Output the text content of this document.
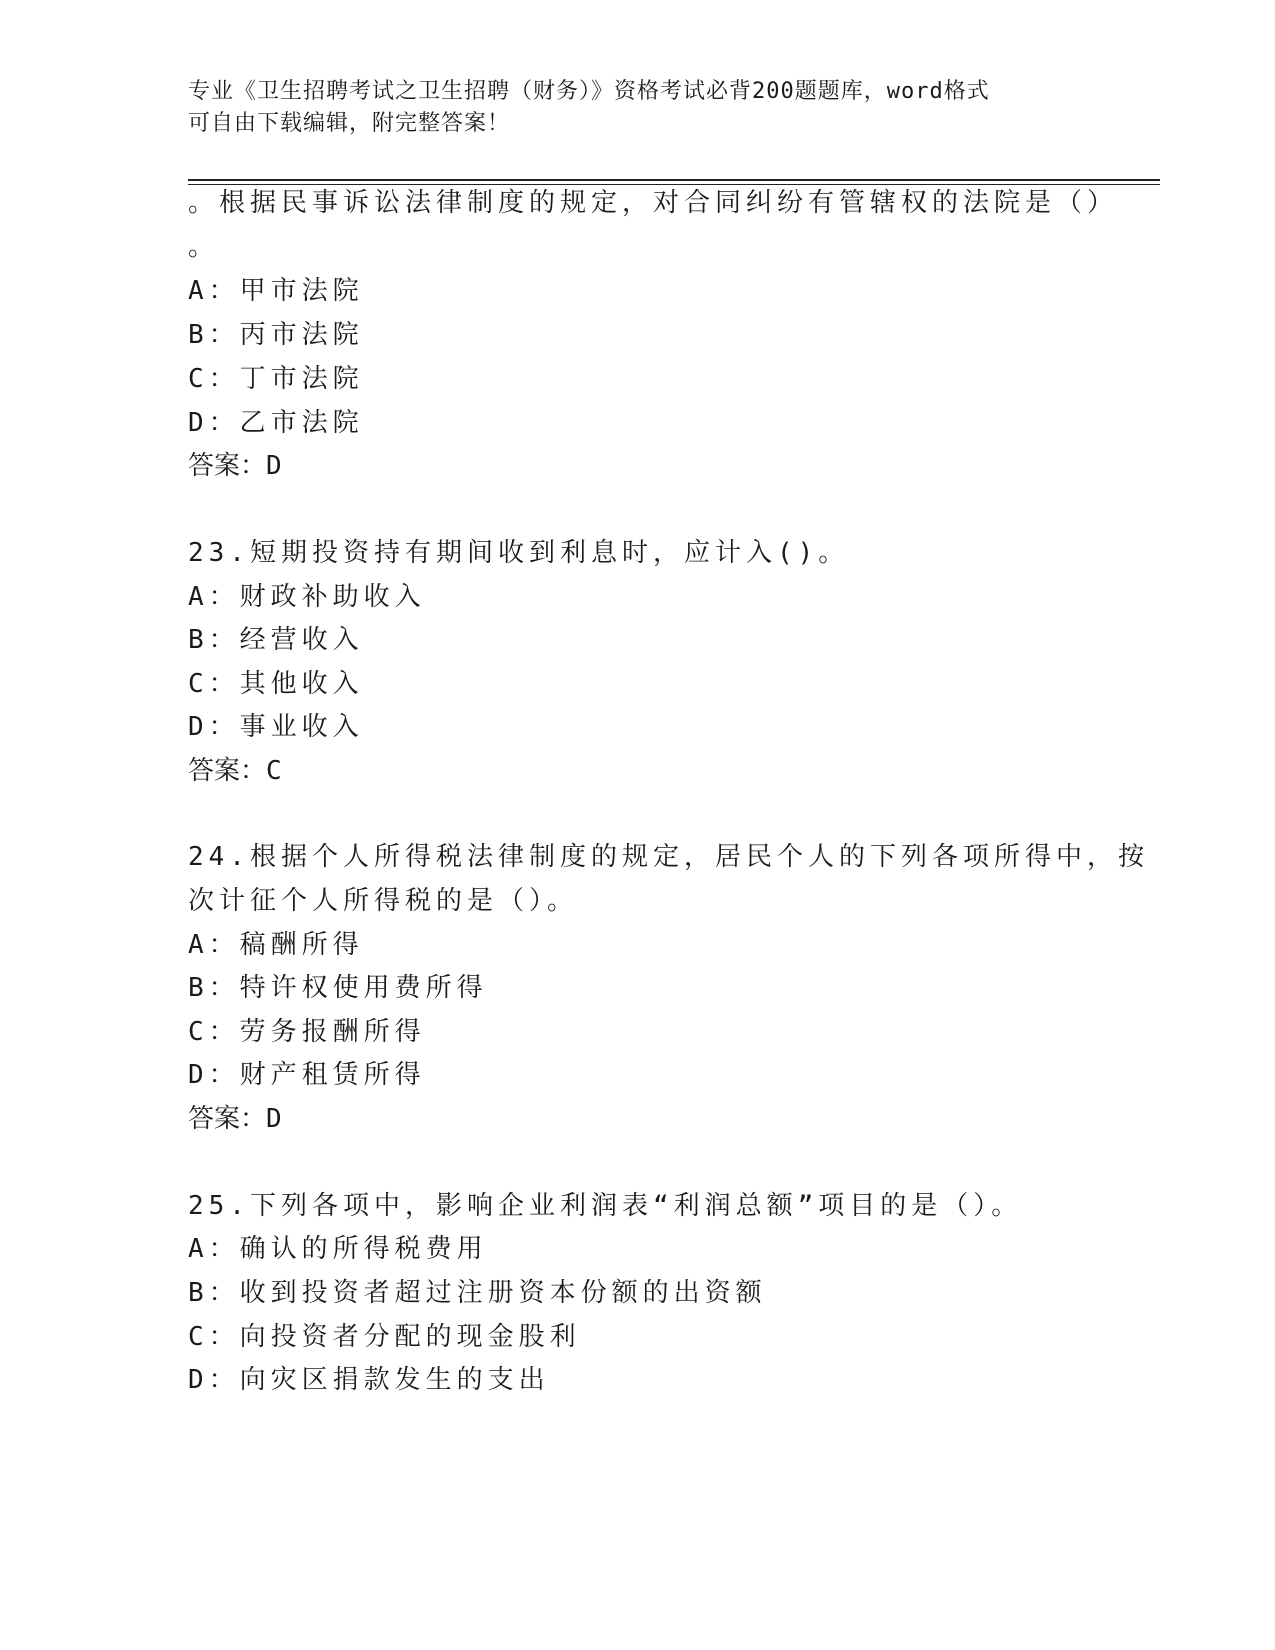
专业《卫生招聘考试之卫生招聘（财务）》资格考试必背200题题库，word格式
可自由下载编辑，附完整答案！
。根据民事诉讼法律制度的规定，对合同纠纷有管辖权的法院是（）
。
A：甲市法院
B：丙市法院
C：丁市法院
D：乙市法院
答案：D
23.短期投资持有期间收到利息时，应计入()。
A：财政补助收入
B：经营收入
C：其他收入
D：事业收入
答案：C
24.根据个人所得税法律制度的规定，居民个人的下列各项所得中，按
次计征个人所得税的是（）。
A：稿酬所得
B：特许权使用费所得
C：劳务报酬所得
D：财产租赁所得
答案：D
25.下列各项中，影响企业利润表“利润总额”项目的是（）。
A：确认的所得税费用
B：收到投资者超过注册资本份额的出资额
C：向投资者分配的现金股利
D：向灾区捐款发生的支出
